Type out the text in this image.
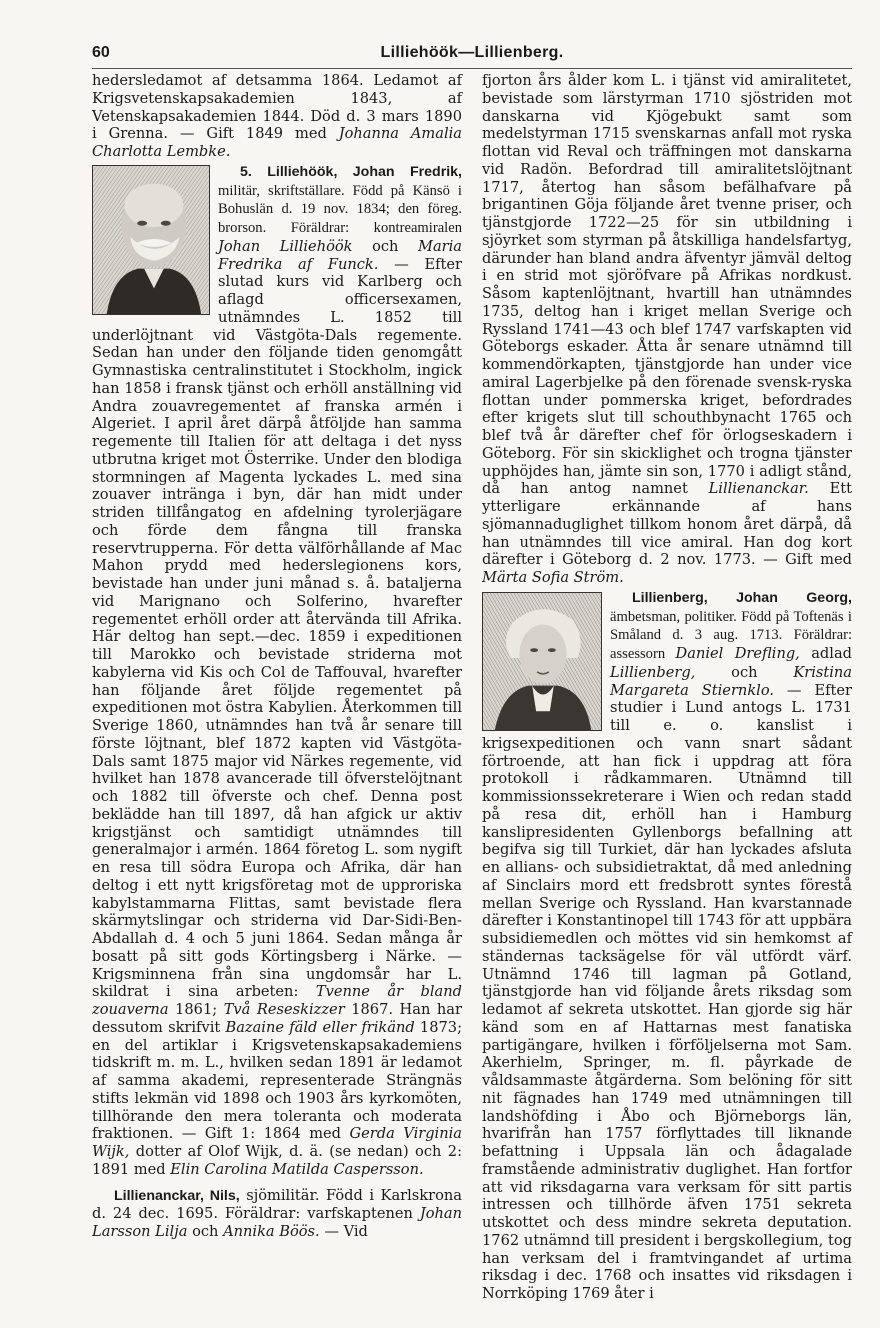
60	Lilliehöök—Lillienberg.

hedersledamot af detsamma 1864. Ledamot af Krigsvetenskapsakademien 1843, af Vetenskapsakademien 1844. Död d. 3 mars 1890 i Grenna. — Gift 1849 med Johanna Amalia Charlotta Lembke.

5. Lilliehöök, Johan Fredrik,
militär, skriftställare. Född på Känsö i Bohuslän d. 19 nov. 1834; den föreg. brorson. Föräldrar: kontreamiralen Johan Lilliehöök och Maria Fredrika af Funck. — Efter slutad kurs vid Karlberg och aflagd officersexamen, utnämndes L. 1852 till underlöjtnant vid Västgöta-Dals regemente. Sedan han under den följande tiden genomgått Gymnastiska centralinstitutet i Stockholm, ingick han 1858 i fransk tjänst och erhöll anställning vid Andra zouavregementet af franska armén i Algeriet. I april året därpå åtföljde han samma regemente till Italien för att deltaga i det nyss utbrutna kriget mot Österrike. Under den blodiga stormningen af Magenta lyckades L. med sina zouaver inträngа i byn, där han midt under striden tillfångatog en afdelning tyrolerjägare och förde dem fångna till franska reservtrupperna. För detta välförhållande af Mac Mahon prydd med hederslegionens kors, bevistade han under juni månad s. å. bataljerna vid Marignano och Solferino, hvarefter regementet erhöll order att återvända till Afrika. Här deltog han sept.—dec. 1859 i expeditionen till Marokko och bevistade striderna mot kabylerna vid Kis och Col de Taffouval, hvarefter han följande året följde regementet på expeditionen mot östra Kabylien. Återkommen till Sverige 1860, utnämndes han två år senare till förste löjtnant, blef 1872 kapten vid Västgöta-Dals samt 1875 major vid Närkes regemente, vid hvilket han 1878 avancerade till öfverstelöjtnant och 1882 till öfverste och chef. Denna post beklädde han till 1897, då han afgick ur aktiv krigstjänst och samtidigt utnämndes till generalmajor i armén. 1864 företog L. som nygift en resa till södra Europa och Afrika, där han deltog i ett nytt krigsföretag mot de upproriska kabylstammarna Flittas, samt bevistade flera skärmytslingar och striderna vid Dar-Sidi-Ben-Abdallah d. 4 och 5 juni 1864. Sedan många år bosatt på sitt gods Körtingsberg i Närke. — Krigsminnena från sina ungdomsår har L. skildrat i sina arbeten: Tvenne år bland zouaverna 1861; Två Reseskizzer 1867. Han har dessutom skrifvit Bazaine fäld eller frikänd 1873; en del artiklar i Krigsvetenskapsakademiens tidskrift m. m. L., hvilken sedan 1891 är ledamot af samma akademi, representerade Strängnäs stifts lekmän vid 1898 och 1903 års kyrkomöten, tillhörande den mera toleranta och moderata fraktionen. — Gift 1: 1864 med Gerda Virginia Wijk, dotter af Olof Wijk, d. ä. (se nedan) och 2: 1891 med Elin Carolina Matilda Caspersson.

Lillienanckar, Nils, sjömilitär. Född i Karlskrona d. 24 dec. 1695. Föräldrar: varfskaptenen Johan Larsson Lilja och Annika Böös. — Vid

fjorton års ålder kom L. i tjänst vid amiralitetet, bevistade som lärstyrman 1710 sjöstriden mot danskarna vid Kjögebukt samt som medelstyrman 1715 svenskarnas anfall mot ryska flottan vid Reval och träffningen mot danskarna vid Radön. Befordrad till amiralitetslöjtnant 1717, återtog han såsom befälhafvare på brigantinen Göja följande året tvenne priser, och tjänstgjorde 1722—25 för sin utbildning i sjöyrket som styrman på åtskilliga handelsfartyg, därunder han bland andra äfventyr jämväl deltog i en strid mot sjöröfvare på Afrikas nordkust. Såsom kaptenlöjtnant, hvartill han utnämndes 1735, deltog han i kriget mellan Sverige och Ryssland 1741—43 och blef 1747 varfskapten vid Göteborgs eskader. Åtta år senare utnämnd till kommendörkapten, tjänstgjorde han under vice amiral Lagerbjelke på den förenade svensk-ryska flottan under pommerska kriget, befordrades efter krigets slut till schouthbynacht 1765 och blef två år därefter chef för örlogseskadern i Göteborg. För sin skicklighet och trogna tjänster upphöjdes han, jämte sin son, 1770 i adligt stånd, då han antog namnet Lillienanckar. Ett ytterligare erkännande af hans sjömannaduglighet tillkom honom året därpå, då han utnämndes till vice amiral. Han dog kort därefter i Göteborg d. 2 nov. 1773. — Gift med Märta Sofia Ström.

Lillienberg, Johan Georg,
ämbetsman, politiker. Född på Toftenäs i Småland d. 3 aug. 1713. Föräldrar: assessorn Daniel Drefling, adlad Lillienberg, och Kristina Margareta Stiernklo. — Efter studier i Lund antogs L. 1731 till e. o. kanslist i krigsexpeditionen och vann snart sådant förtroende, att han fick i uppdrag att föra protokoll i rådkammaren. Utnämnd till kommissionssekreterare i Wien och redan stadd på resa dit, erhöll han i Hamburg kanslipresidenten Gyllenborgs befallning att begifva sig till Turkiet, där han lyckades afsluta en allians- och subsidietraktat, då med anledning af Sinclairs mord ett fredsbrott syntes förestå mellan Sverige och Ryssland. Han kvarstannade därefter i Konstantinopel till 1743 för att uppbära subsidiemedlen och möttes vid sin hemkomst af ständernas tacksägelse för väl utfördt värf. Utnämnd 1746 till lagman på Gotland, tjänstgjorde han vid följande årets riksdag som ledamot af sekreta utskottet. Han gjorde sig här känd som en af Hattarnas mest fanatiska partigängare, hvilken i förföljelserna mot Sam. Akerhielm, Springer, m. fl. påyrkade de våldsammaste åtgärderna. Som belöning för sitt nit fägnades han 1749 med utnämningen till landshöfding i Åbo och Björneborgs län, hvarifrån han 1757 förflyttades till liknande befattning i Uppsala län och ådagalade framstående administrativ duglighet. Han fortfor att vid riksdagarna vara verksam för sitt partis intressen och tillhörde äfven 1751 sekreta utskottet och dess mindre sekreta deputation. 1762 utnämnd till president i bergskollegium, tog han verksam del i framtvingandet af urtima riksdag i dec. 1768 och insattes vid riksdagen i Norrköping 1769 åter i
